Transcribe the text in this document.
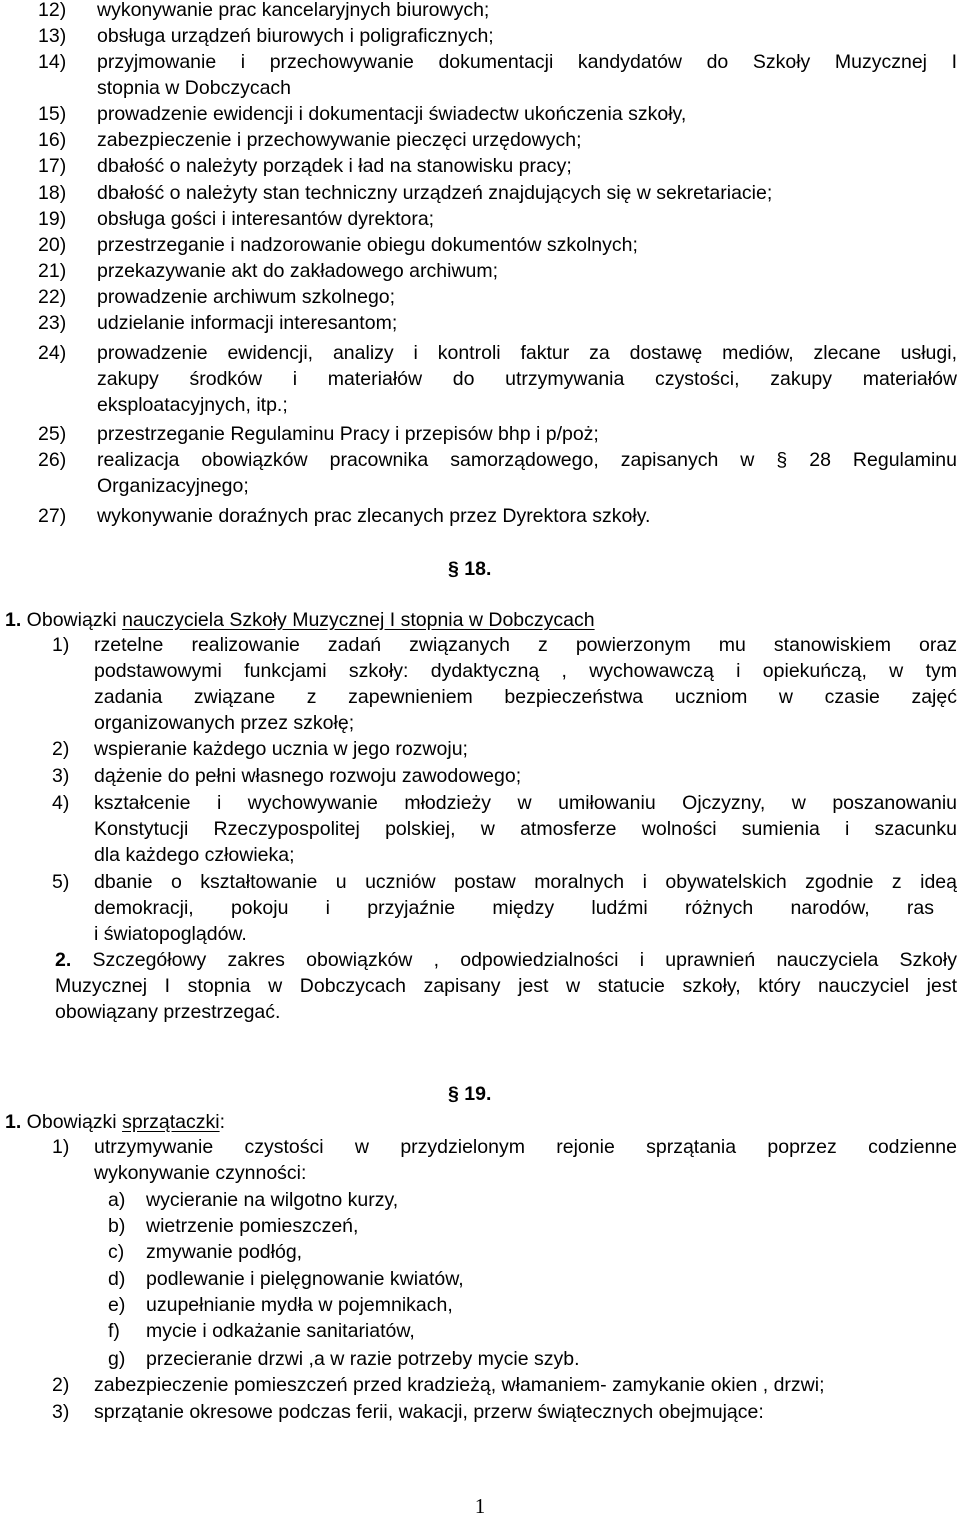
12) wykonywanie prac kancelaryjnych biurowych;
13) obsługa urządzeń biurowych i poligraficznych;
14) przyjmowanie i przechowywanie dokumentacji kandydatów do Szkoły Muzycznej I
stopnia w Dobczycach
15) prowadzenie ewidencji i dokumentacji świadectw ukończenia szkoły,
16) zabezpieczenie i przechowywanie pieczęci urzędowych;
17) dbałość o należyty porządek i ład na stanowisku pracy;
18) dbałość o należyty stan techniczny urządzeń znajdujących się w sekretariacie;
19) obsługa gości i interesantów dyrektora;
20) przestrzeganie i nadzorowanie obiegu dokumentów szkolnych;
21) przekazywanie akt do zakładowego archiwum;
22) prowadzenie archiwum szkolnego;
23) udzielanie informacji interesantom;
24) prowadzenie ewidencji, analizy i kontroli faktur za dostawę mediów, zlecane usługi,
zakupy środków i materiałów do utrzymywania czystości, zakupy materiałów
eksploatacyjnych, itp.;
25) przestrzeganie Regulaminu Pracy i przepisów bhp i p/poż;
26) realizacja obowiązków pracownika samorządowego, zapisanych w § 28 Regulaminu
Organizacyjnego;
27) wykonywanie doraźnych prac zlecanych przez Dyrektora szkoły.
§ 18.
1. Obowiązki nauczyciela Szkoły Muzycznej I stopnia w Dobczycach
1) rzetelne realizowanie zadań związanych z powierzonym mu stanowiskiem oraz
podstawowymi funkcjami szkoły: dydaktyczną , wychowawczą i opiekuńczą, w tym
zadania związane z zapewnieniem bezpieczeństwa uczniom w czasie zajęć
organizowanych przez szkołę;
2) wspieranie każdego ucznia w jego rozwoju;
3) dążenie do pełni własnego rozwoju zawodowego;
4) kształcenie i wychowywanie młodzieży w umiłowaniu Ojczyzny, w poszanowaniu
Konstytucji Rzeczypospolitej polskiej, w atmosferze wolności sumienia i szacunku
dla każdego człowieka;
5) dbanie o kształtowanie u uczniów postaw moralnych i obywatelskich zgodnie z ideą
demokracji, pokoju i przyjaźnie między ludźmi różnych narodów, ras
i światopoglądów.
2. Szczegółowy zakres obowiązków , odpowiedzialności i uprawnień nauczyciela Szkoły
Muzycznej I stopnia w Dobczycach zapisany jest w statucie szkoły, który nauczyciel jest
obowiązany przestrzegać.
§ 19.
1. Obowiązki sprzątaczki:
1) utrzymywanie czystości w przydzielonym rejonie sprzątania poprzez codzienne
wykonywanie czynności:
a) wycieranie na wilgotno kurzy,
b) wietrzenie pomieszczeń,
c) zmywanie podłóg,
d) podlewanie i pielęgnowanie kwiatów,
e) uzupełnianie mydła w pojemnikach,
f) mycie i odkażanie sanitariatów,
g) przecieranie drzwi ,a w razie potrzeby mycie szyb.
2) zabezpieczenie pomieszczeń przed kradzieżą, włamaniem- zamykanie okien , drzwi;
3) sprzątanie okresowe podczas ferii, wakacji, przerw świątecznych obejmujące:
1
